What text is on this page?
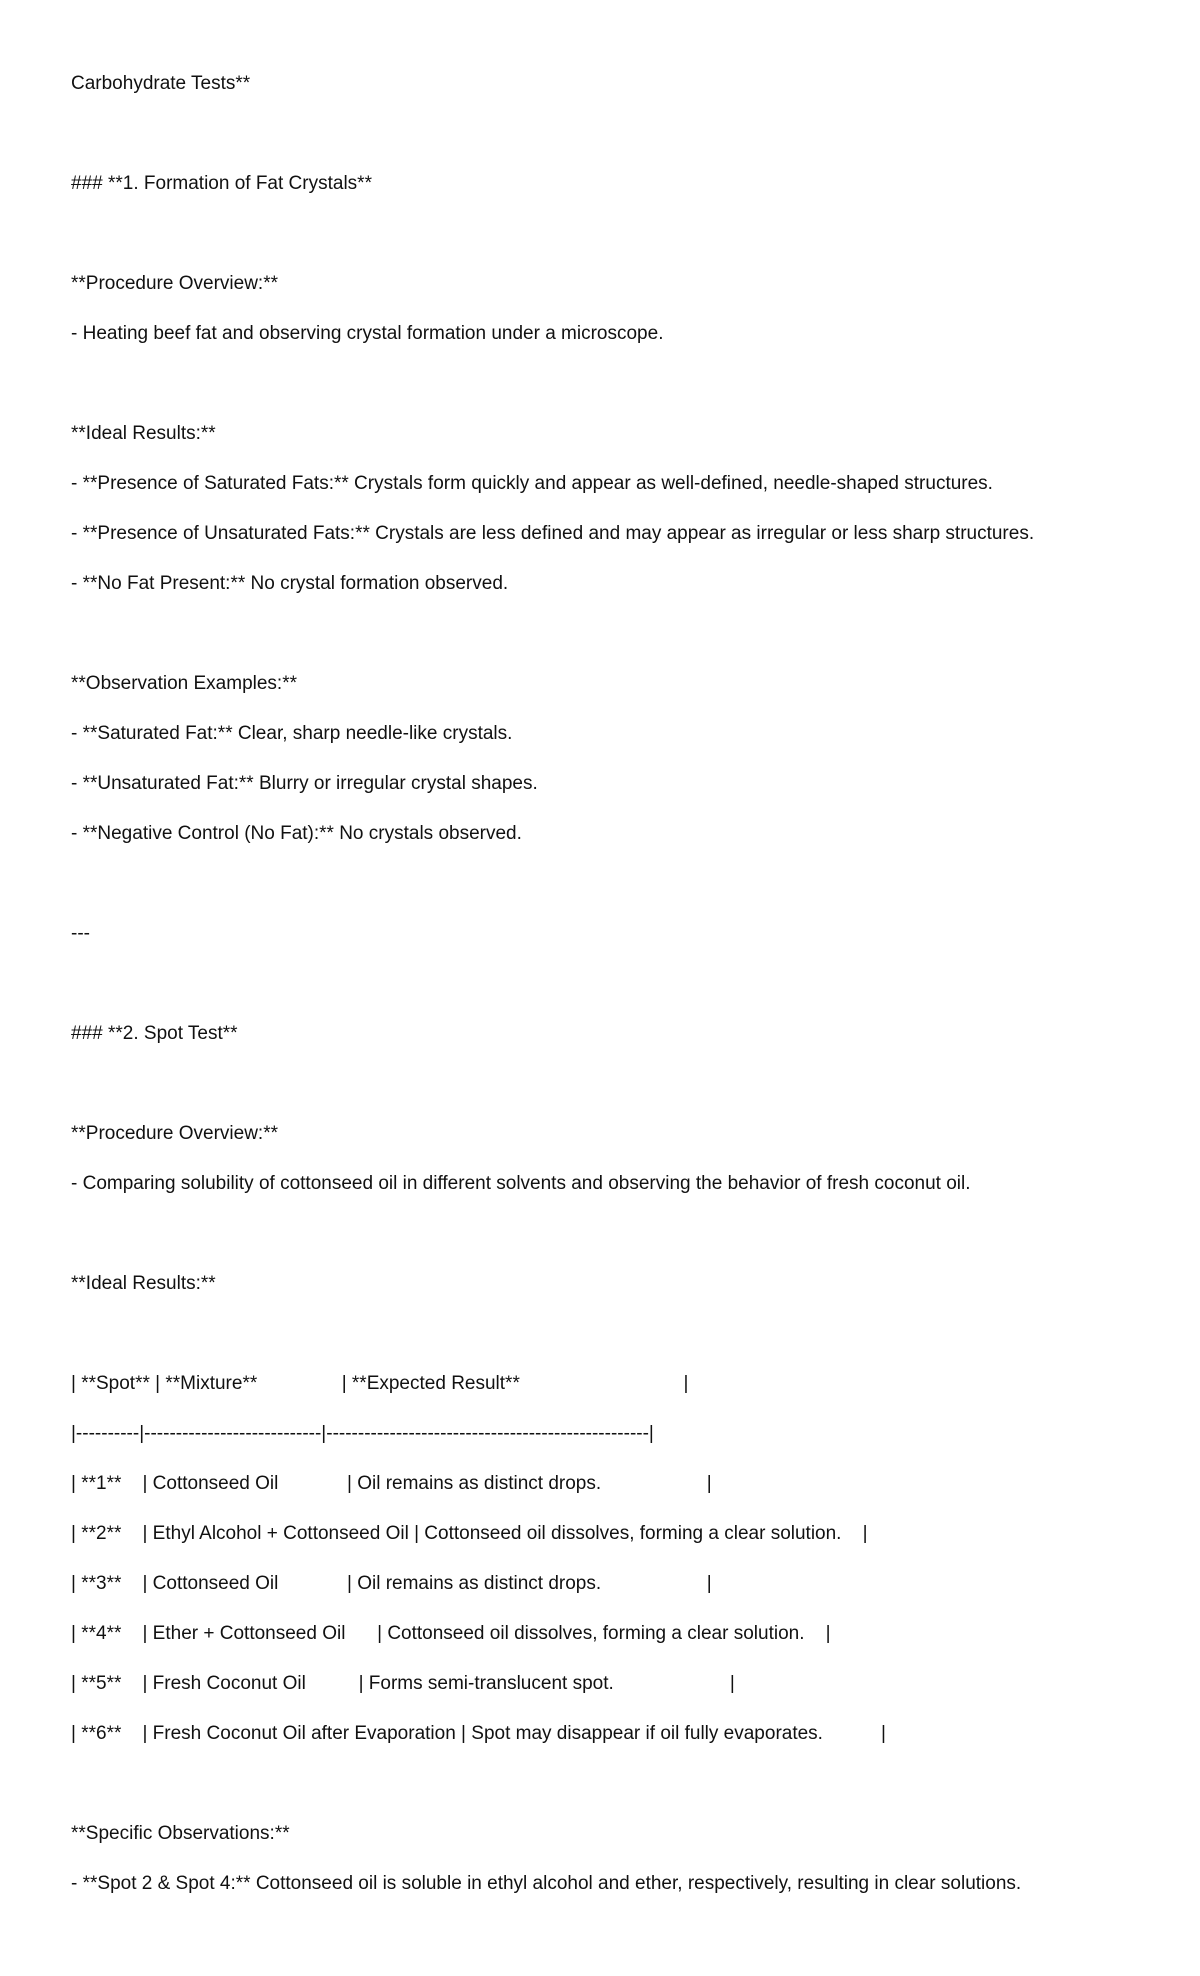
Carbohydrate Tests**
### **1. Formation of Fat Crystals**
**Procedure Overview:**
- Heating beef fat and observing crystal formation under a microscope.
**Ideal Results:**
- **Presence of Saturated Fats:** Crystals form quickly and appear as well-defined, needle-shaped structures.
- **Presence of Unsaturated Fats:** Crystals are less defined and may appear as irregular or less sharp structures.
- **No Fat Present:** No crystal formation observed.
**Observation Examples:**
- **Saturated Fat:** Clear, sharp needle-like crystals.
- **Unsaturated Fat:** Blurry or irregular crystal shapes.
- **Negative Control (No Fat):** No crystals observed.
---
### **2. Spot Test**
**Procedure Overview:**
- Comparing solubility of cottonseed oil in different solvents and observing the behavior of fresh coconut oil.
**Ideal Results:**
| **Spot** | **Mixture**                | **Expected Result**                               |
|----------|----------------------------|---------------------------------------------------|
| **1**    | Cottonseed Oil             | Oil remains as distinct drops.                    |
| **2**    | Ethyl Alcohol + Cottonseed Oil | Cottonseed oil dissolves, forming a clear solution.    |
| **3**    | Cottonseed Oil             | Oil remains as distinct drops.                    |
| **4**    | Ether + Cottonseed Oil      | Cottonseed oil dissolves, forming a clear solution.    |
| **5**    | Fresh Coconut Oil          | Forms semi-translucent spot.                      |
| **6**    | Fresh Coconut Oil after Evaporation | Spot may disappear if oil fully evaporates.           |
**Specific Observations:**
- **Spot 2 & Spot 4:** Cottonseed oil is soluble in ethyl alcohol and ether, respectively, resulting in clear solutions.
